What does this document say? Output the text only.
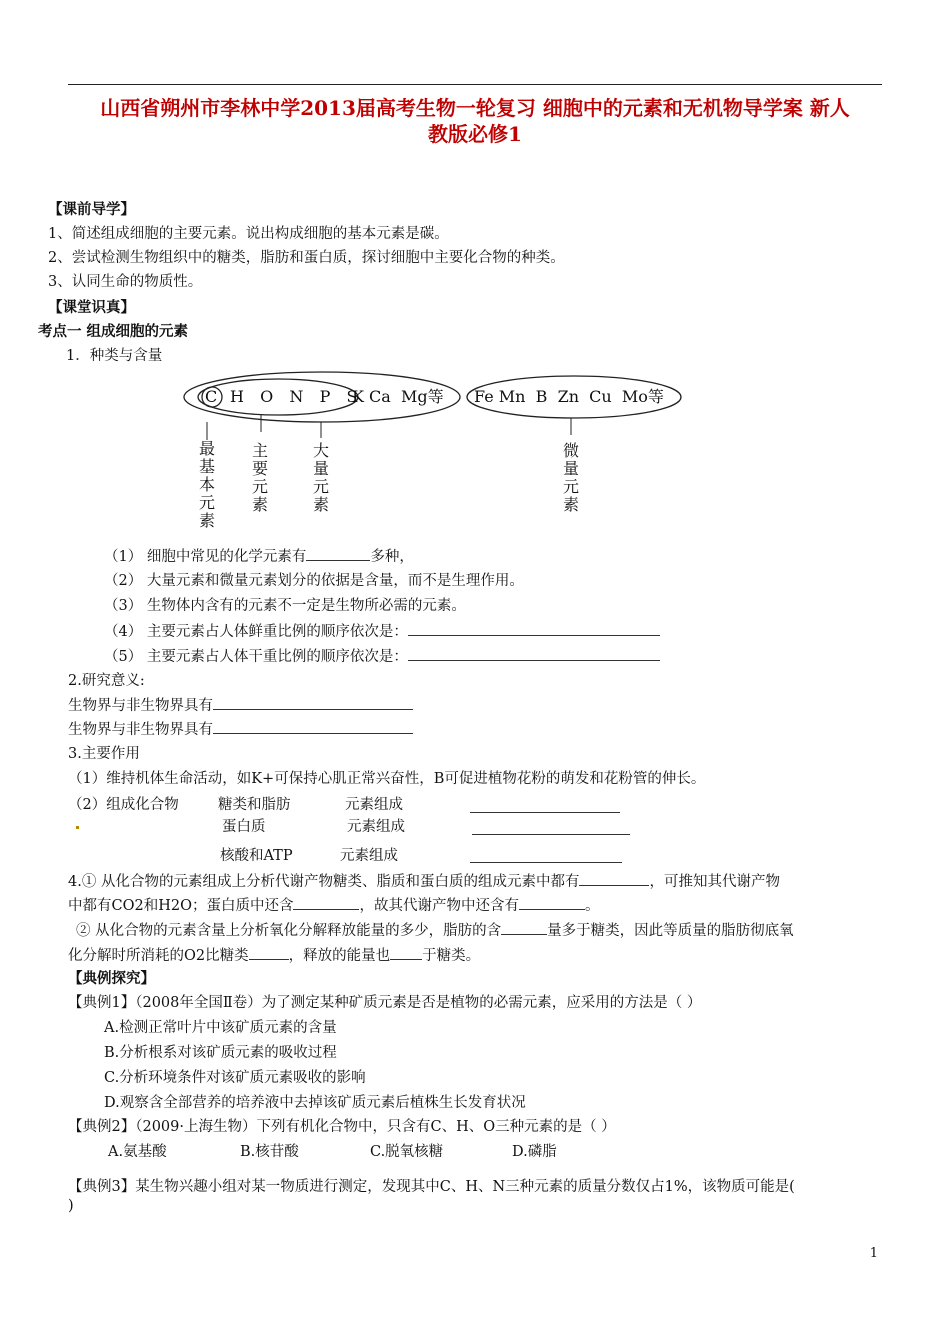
山西省朔州市李林中学2013届高考生物一轮复习 细胞中的元素和无机物导学案 新人
教版必修1
【课前导学】
1、简述组成细胞的主要元素。说出构成细胞的基本元素是碳。
2、尝试检测生物组织中的糖类，脂肪和蛋白质，探讨细胞中主要化合物的种类。
3、认同生命的物质性。
【课堂识真】
考点一 组成细胞的元素
1．种类与含量
C H  O  N  P  S
K Ca  Mg等 Fe Mn  B  Zn  Cu  Mo等
最基本元素
主要元素
大量元素
微量元素
（1） 细胞中常见的化学元素有	多种，
（2） 大量元素和微量元素划分的依据是含量，而不是生理作用。
（3） 生物体内含有的元素不一定是生物所必需的元素。
（4） 主要元素占人体鲜重比例的顺序依次是：
（5） 主要元素占人体干重比例的顺序依次是：
2.研究意义:
生物界与非生物界具有
生物界与非生物界具有
3.主要作用
（1）维持机体生命活动，如K+可保持心肌正常兴奋性，B可促进植物花粉的萌发和花粉管的伸长。
（2）组成化合物	糖类和脂肪	元素组成
蛋白质	元素组成
核酸和ATP	元素组成
4.① 从化合物的元素组成上分析代谢产物糖类、脂质和蛋白质的组成元素中都有	，可推知其代谢产物
中都有CO2和H2O；蛋白质中还含	，故其代谢产物中还含有	。
② 从化合物的元素含量上分析氧化分解释放能量的多少，脂肪的含	量多于糖类，因此等质量的脂肪彻底氧
化分解时所消耗的O2比糖类	，释放的能量也 于糖类。
【典例探究】
【典例1】（2008年全国Ⅱ卷）为了测定某种矿质元素是否是植物的必需元素，应采用的方法是（ ）
A.检测正常叶片中该矿质元素的含量
B.分析根系对该矿质元素的吸收过程
C.分析环境条件对该矿质元素吸收的影响
D.观察含全部营养的培养液中去掉该矿质元素后植株生长发育状况
【典例2】（2009·上海生物）下列有机化合物中，只含有C、H、O三种元素的是（ ）
A.氨基酸	B.核苷酸	C.脱氧核糖	D.磷脂
【典例3】某生物兴趣小组对某一物质进行测定，发现其中C、H、N三种元素的质量分数仅占1%，该物质可能是(
)
1
